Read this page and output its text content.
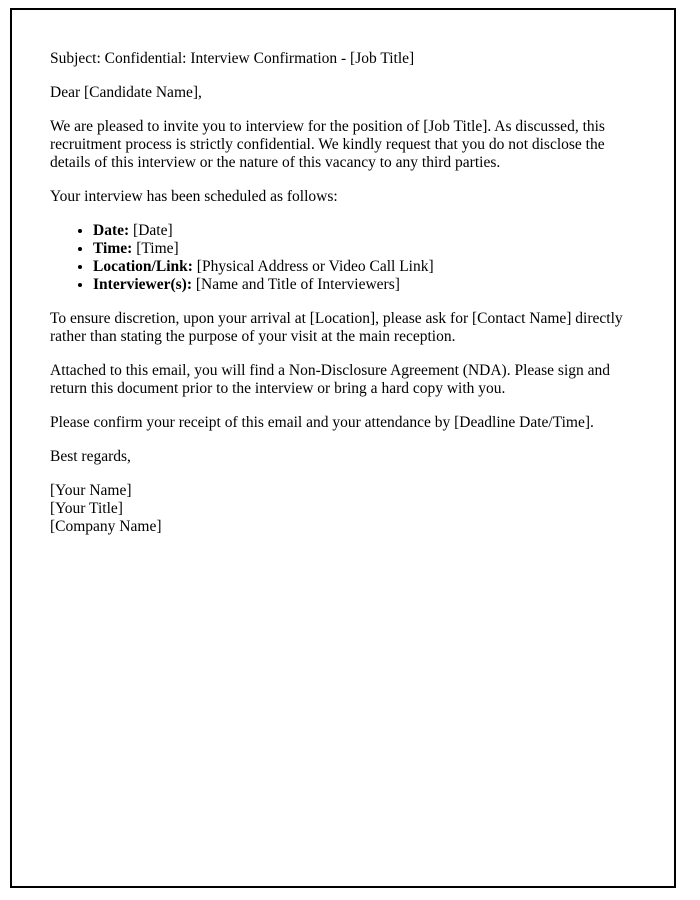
Subject: Confidential: Interview Confirmation - [Job Title]

Dear [Candidate Name],

We are pleased to invite you to interview for the position of [Job Title]. As discussed, this recruitment process is strictly confidential. We kindly request that you do not disclose the details of this interview or the nature of this vacancy to any third parties.

Your interview has been scheduled as follows:

• Date: [Date]
• Time: [Time]
• Location/Link: [Physical Address or Video Call Link]
• Interviewer(s): [Name and Title of Interviewers]

To ensure discretion, upon your arrival at [Location], please ask for [Contact Name] directly rather than stating the purpose of your visit at the main reception.

Attached to this email, you will find a Non-Disclosure Agreement (NDA). Please sign and return this document prior to the interview or bring a hard copy with you.

Please confirm your receipt of this email and your attendance by [Deadline Date/Time].

Best regards,

[Your Name]
[Your Title]
[Company Name]
